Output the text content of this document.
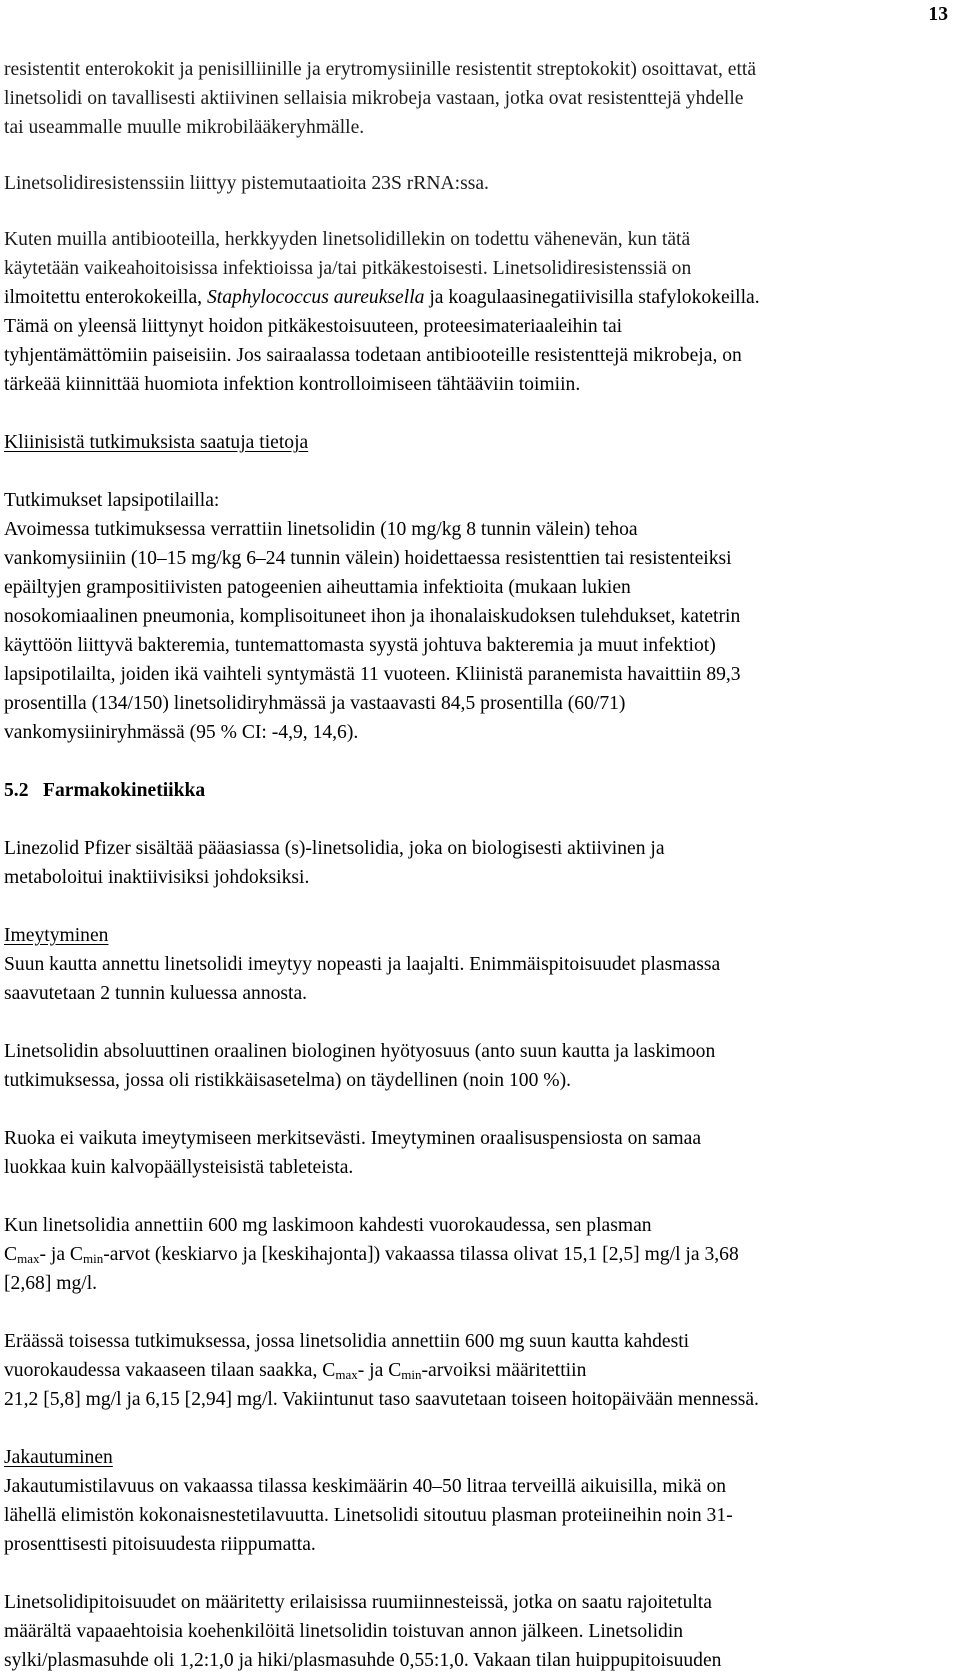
13

resistentit enterokokit ja penisilliinille ja erytromysiinille resistentit streptokokit) osoittavat, että

linetsolidi on tavallisesti aktiivinen sellaisia mikrobeja vastaan, jotka ovat resistenttejä yhdelle

tai useammalle muulle mikrobilääkeryhmälle.

Linetsolidiresistenssiin liittyy pistemutaatioita 23S rRNA:ssa.

Kuten muilla antibiooteilla, herkkyyden linetsolidillekin on todettu vähenevän, kun tätä

käytetään vaikeahoitoisissa infektioissa ja/tai pitkäkestoisesti. Linetsolidiresistenssiä on

ilmoitettu enterokokeilla, Staphylococcus aureuksella ja koagulaasinegatiivisilla stafylokokeilla.

Tämä on yleensä liittynyt hoidon pitkäkestoisuuteen, proteesimateriaaleihin tai

tyhjentämättömiin paiseisiin. Jos sairaalassa todetaan antibiooteille resistenttejä mikrobeja, on

tärkeää kiinnittää huomiota infektion kontrolloimiseen tähtääviin toimiin.

Kliinisistä tutkimuksista saatuja tietoja

Tutkimukset lapsipotilailla:

Avoimessa tutkimuksessa verrattiin linetsolidin (10 mg/kg 8 tunnin välein) tehoa

vankomysiiniin (10‒15 mg/kg 6‒24 tunnin välein) hoidettaessa resistenttien tai resistenteiksi

epäiltyjen grampositiivisten patogeenien aiheuttamia infektioita (mukaan lukien

nosokomiaalinen pneumonia, komplisoituneet ihon ja ihonalaiskudoksen tulehdukset, katetrin

käyttöön liittyvä bakteremia, tuntemattomasta syystä johtuva bakteremia ja muut infektiot)

lapsipotilailta, joiden ikä vaihteli syntymästä 11 vuoteen. Kliinistä paranemista havaittiin 89,3

prosentilla (134/150) linetsolidiryhmässä ja vastaavasti 84,5 prosentilla (60/71)

vankomysiiniryhmässä (95 % CI: -4,9, 14,6).

5.2 Farmakokinetiikka

Linezolid Pfizer sisältää pääasiassa (s)-linetsolidia, joka on biologisesti aktiivinen ja

metaboloitui inaktiivisiksi johdoksiksi.

Imeytyminen

Suun kautta annettu linetsolidi imeytyy nopeasti ja laajalti. Enimmäispitoisuudet plasmassa

saavutetaan 2 tunnin kuluessa annosta.

Linetsolidin absoluuttinen oraalinen biologinen hyötyosuus (anto suun kautta ja laskimoon

tutkimuksessa, jossa oli ristikkäisasetelma) on täydellinen (noin 100 %).

Ruoka ei vaikuta imeytymiseen merkitsevästi. Imeytyminen oraalisuspensiosta on samaa

luokkaa kuin kalvopäällysteisistä tableteista.

Kun linetsolidia annettiin 600 mg laskimoon kahdesti vuorokaudessa, sen plasman

$C_{max}-$ ja $C_{min}$-arvot (keskiarvo ja [keskihajonta]) vakaassa tilassa olivat 15,1 [2,5] mg/l ja 3,68

[2,68] mg/l.

Eräässä toisessa tutkimuksessa, jossa linetsolidia annettiin 600 mg suun kautta kahdesti

vuorokaudessa vakaaseen tilaan saakka, $C_{max}-$ ja $C_{min}$-arvoiksi määritettiin

21,2 [5,8] mg/l ja 6,15 [2,94] mg/l. Vakiintunut taso saavutetaan toiseen hoitopäivään mennessä.

Jakautuminen

Jakautumistilavuus on vakaassa tilassa keskimäärin 40‒50 litraa terveillä aikuisilla, mikä on

lähellä elimistön kokonaisnestetilavuutta. Linetsolidi sitoutuu plasman proteiineihin noin 31-

prosenttisesti pitoisuudesta riippumatta.

Linetsolidipitoisuudet on määritetty erilaisissa ruumiinnesteissä, jotka on saatu rajoitetulta

määrältä vapaaehtoisia koehenkilöitä linetsolidin toistuvan annon jälkeen. Linetsolidin

sylki/plasmasuhde oli 1,2:1,0 ja hiki/plasmasuhde 0,55:1,0. Vakaan tilan huippupitoisuuden
